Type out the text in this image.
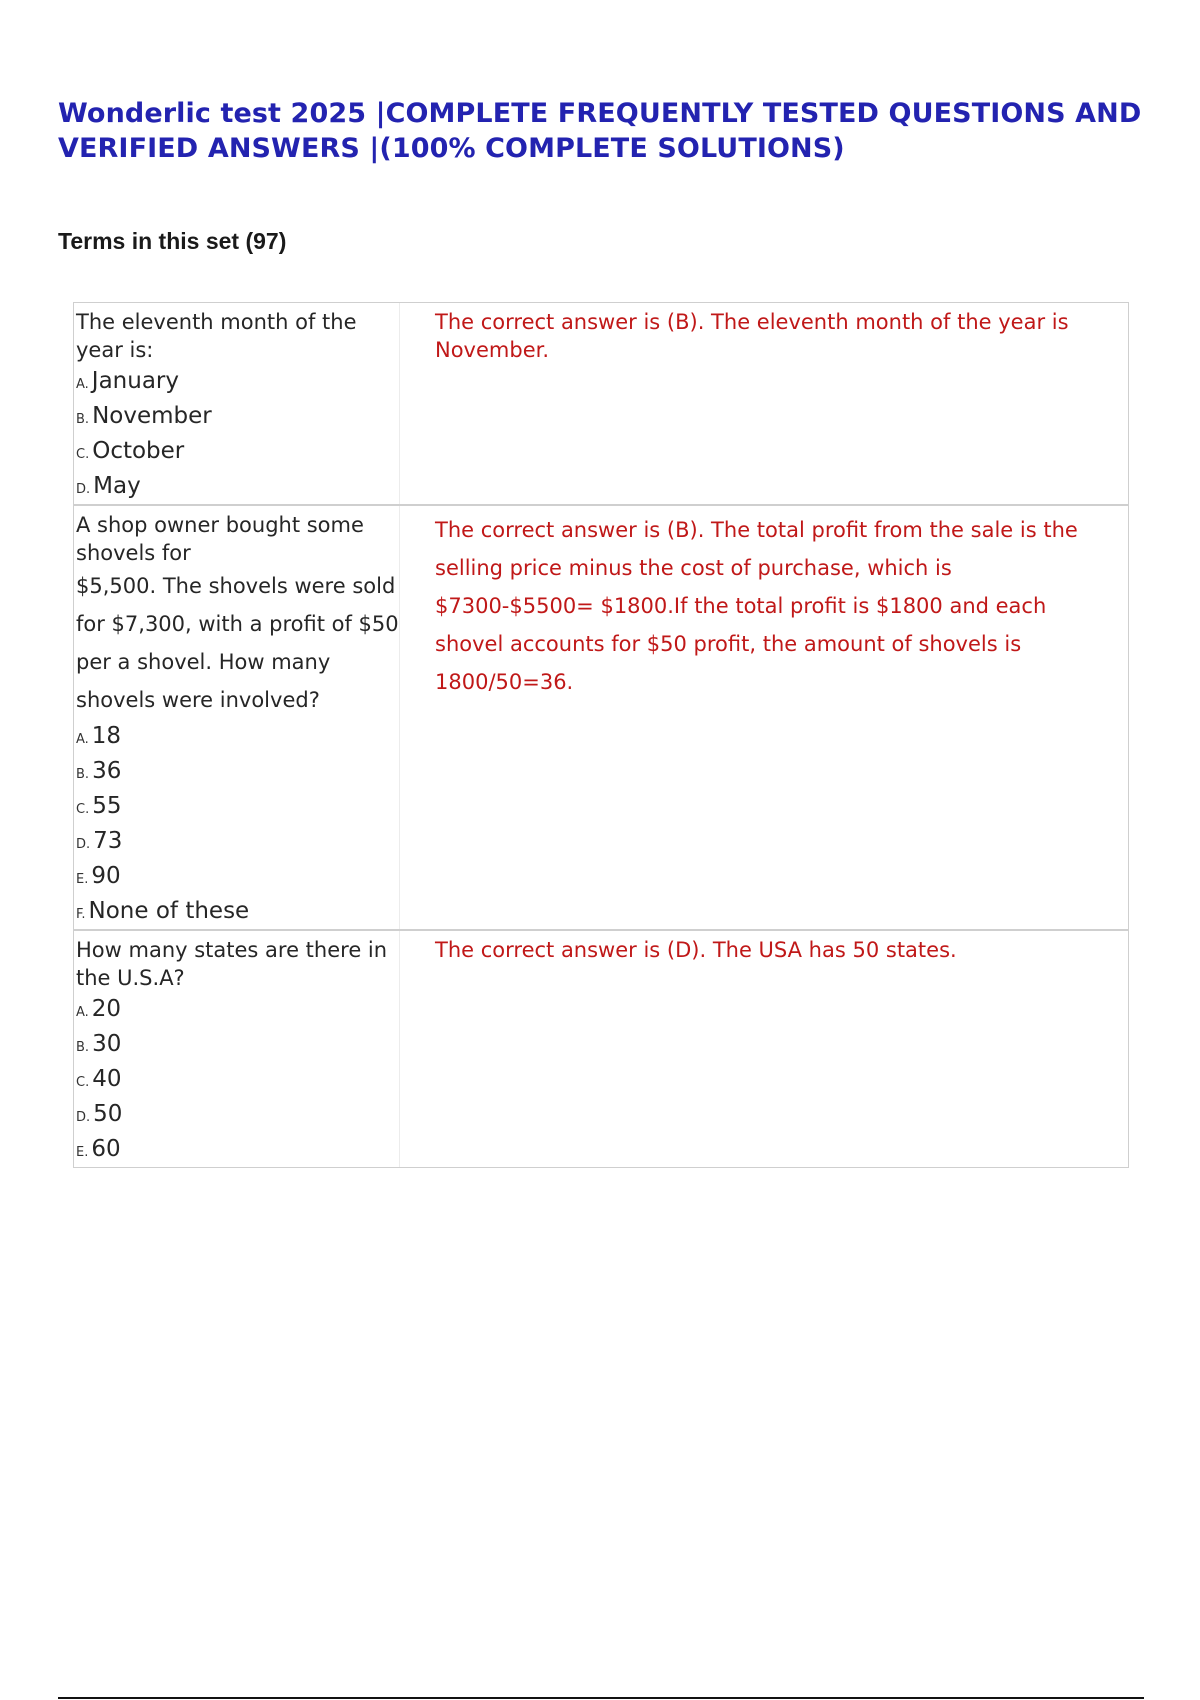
Wonderlic test 2025 |COMPLETE FREQUENTLY TESTED QUESTIONS AND VERIFIED ANSWERS |(100% COMPLETE SOLUTIONS)
Terms in this set (97)

The eleventh month of the year is:

A. January
B. November
C. October
D. May

The correct answer is (B). The eleventh month of the year is November.

A shop owner bought some shovels for

$5,500. The shovels were sold for $7,300, with a profit of $50 per a shovel. How many shovels were involved?

A. 18
B. 36
C. 55
D. 73
E. 90
F. None of these

The correct answer is (B). The total profit from the sale is the selling price minus the cost of purchase, which is $7300-$5500= $1800.If the total profit is $1800 and each shovel accounts for $50 profit, the amount of shovels is 1800/50=36.

How many states are there in the U.S.A?

A. 20
B. 30
C. 40
D. 50
E. 60

The correct answer is (D). The USA has 50 states.
